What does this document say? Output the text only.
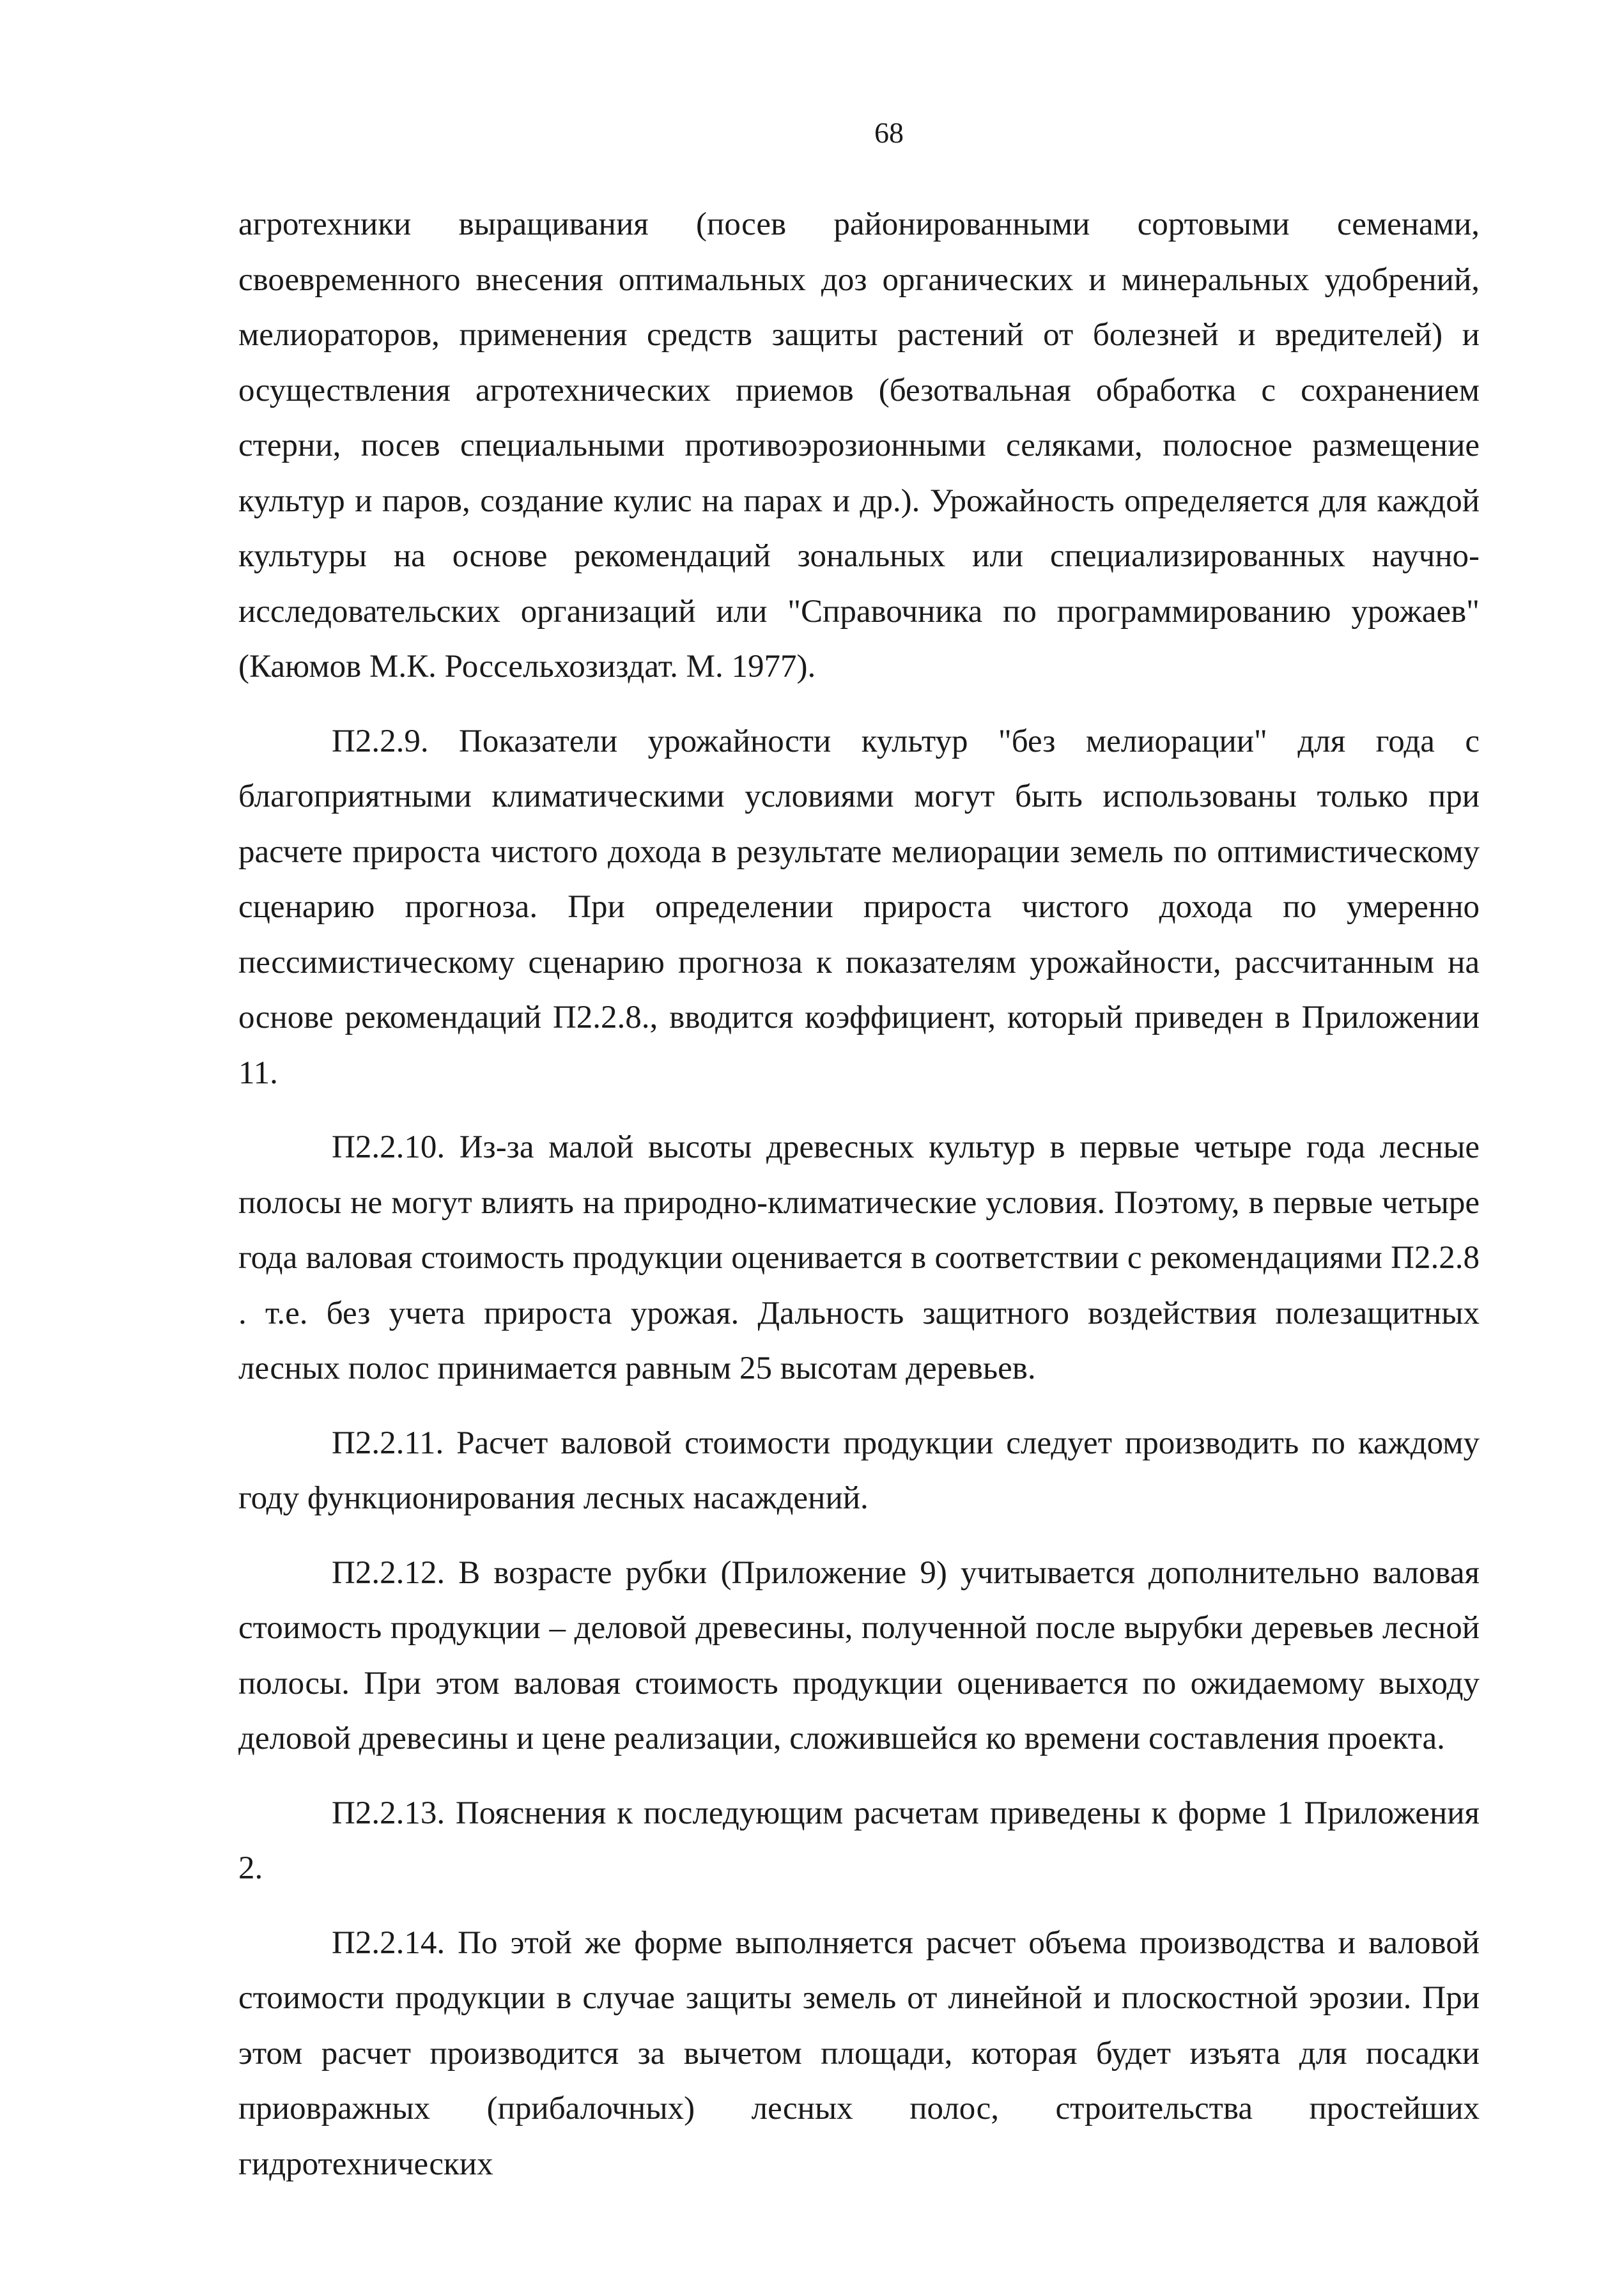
68

агротехники выращивания (посев районированными сортовыми семенами, своевременного внесения оптимальных доз органических и минеральных удобрений, мелиораторов, применения средств защиты растений от болезней и вредителей) и осуществления агротехнических приемов (безотвальная обработка с сохранением стерни, посев специальными противоэрозионными селяками, полосное размещение культур и паров, создание кулис на парах и др.). Урожайность определяется для каждой культуры на основе рекомендаций зональных или специализированных научно-исследовательских организаций или "Справочника по программированию урожаев" (Каюмов М.К. Россельхозиздат. М. 1977).

П2.2.9. Показатели урожайности культур "без мелиорации" для года с благоприятными климатическими условиями могут быть использованы только при расчете прироста чистого дохода в результате мелиорации земель по оптимистическому сценарию прогноза. При определении прироста чистого дохода по умеренно пессимистическому сценарию прогноза к показателям урожайности, рассчитанным на основе рекомендаций П2.2.8., вводится коэффициент, который приведен в Приложении 11.

П2.2.10. Из-за малой высоты древесных культур в первые четыре года лесные полосы не могут влиять на природно-климатические условия. Поэтому, в первые четыре года валовая стоимость продукции оценивается в соответствии с рекомендациями П2.2.8 . т.е. без учета прироста урожая. Дальность защитного воздействия полезащитных лесных полос принимается равным 25 высотам деревьев.

П2.2.11. Расчет валовой стоимости продукции следует производить по каждому году функционирования лесных насаждений.

П2.2.12. В возрасте рубки (Приложение 9) учитывается дополнительно валовая стоимость продукции – деловой древесины, полученной после вырубки деревьев лесной полосы. При этом валовая стоимость продукции оценивается по ожидаемому выходу деловой древесины и цене реализации, сложившейся ко времени составления проекта.

П2.2.13. Пояснения к последующим расчетам приведены к форме 1 Приложения 2.

П2.2.14. По этой же форме выполняется расчет объема производства и валовой стоимости продукции в случае защиты земель от линейной и плоскостной эрозии. При этом расчет производится за вычетом площади, которая будет изъята для посадки приовражных (прибалочных) лесных полос, строительства простейших гидротехнических
